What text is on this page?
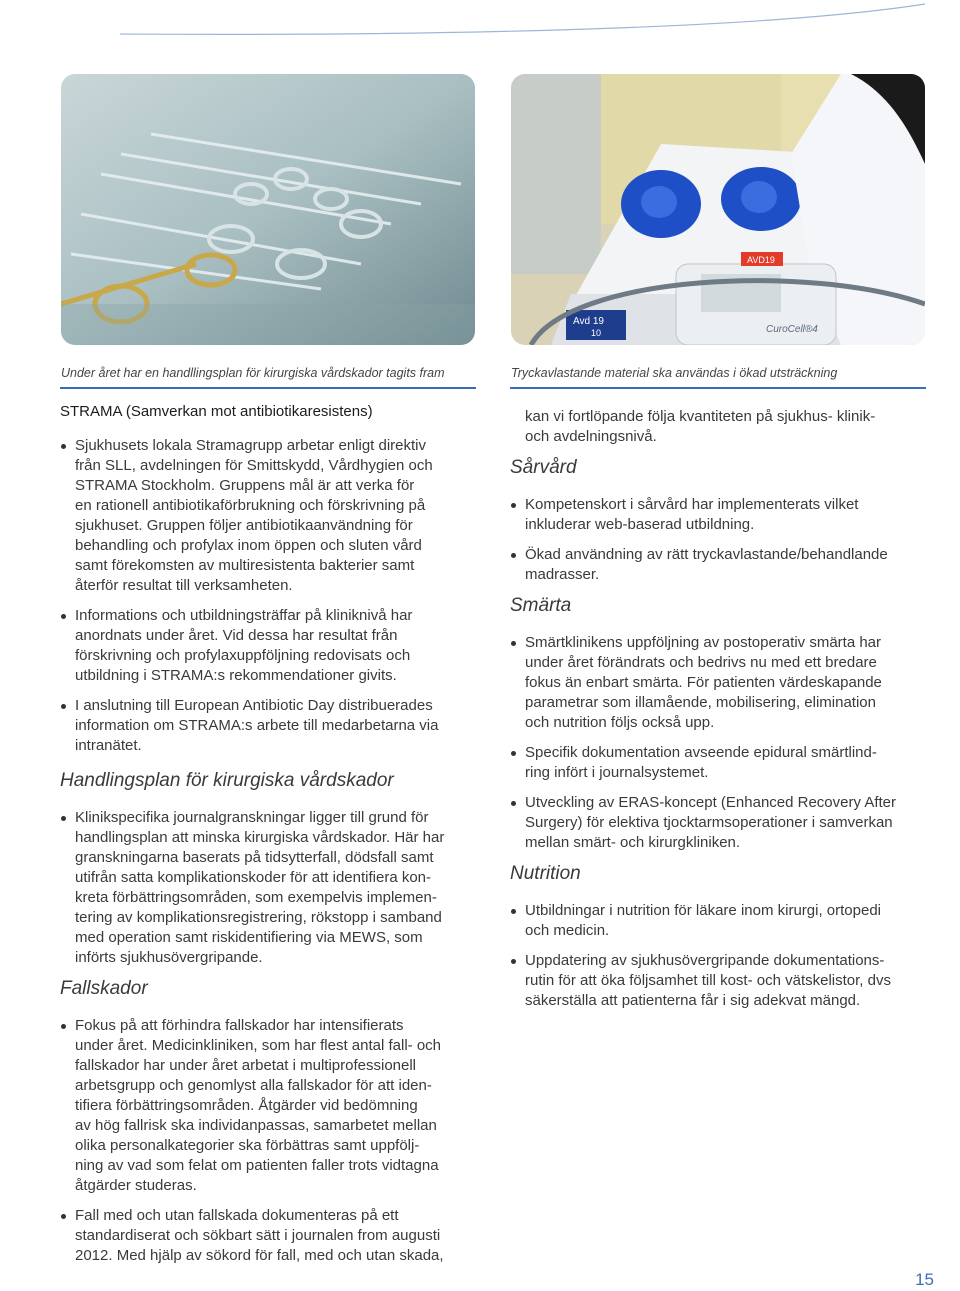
AVD19
CuroCell®4
Avd 19
10
Under året har en handllingsplan för kirurgiska vårdskador tagits fram	Tryckavlastande material ska användas i ökad utsträckning
STRAMA (Samverkan mot antibiotikaresistens)
Sjukhusets lokala Stramagrupp arbetar enligt direktiv
från SLL, avdelningen för Smittskydd, Vårdhygien och
STRAMA Stockholm. Gruppens mål är att verka för
en rationell antibiotikaförbrukning och förskrivning på
sjukhuset. Gruppen följer antibiotikaanvändning för
behandling och profylax inom öppen och sluten vård
samt förekomsten av multiresistenta bakterier samt
återför resultat till verksamheten.
Informations och utbildningsträffar på kliniknivå har
anordnats under året. Vid dessa har resultat från
förskrivning och profylaxuppföljning redovisats och
utbildning i STRAMA:s rekommendationer givits.
I anslutning till European Antibiotic Day distribuerades
information om STRAMA:s arbete till medarbetarna via
intranätet.
Handlingsplan för kirurgiska vårdskador
Klinikspecifika journalgranskningar ligger till grund för
handlingsplan att minska kirurgiska vårdskador. Här har
granskningarna baserats på tidsytterfall, dödsfall samt
utifrån satta komplikationskoder för att identifiera kon-
kreta förbättringsområden, som exempelvis implemen-
tering av komplikationsregistrering, rökstopp i samband
med operation samt riskidentifiering via MEWS, som
införts sjukhusövergripande.
Fallskador
Fokus på att förhindra fallskador har intensifierats
under året. Medicinkliniken, som har flest antal fall- och
fallskador har under året arbetat i multiprofessionell
arbetsgrupp och genomlyst alla fallskador för att iden-
tifiera förbättringsområden. Åtgärder vid bedömning
av hög fallrisk ska individanpassas, samarbetet mellan
olika personalkategorier ska förbättras samt uppfölj-
ning av vad som felat om patienten faller trots vidtagna
åtgärder studeras.
Fall med och utan fallskada dokumenteras på ett
standardiserat och sökbart sätt i journalen from augusti
2012. Med hjälp av sökord för fall, med och utan skada,
kan vi fortlöpande följa kvantiteten på sjukhus- klinik-
och avdelningsnivå.
Sårvård
Kompetenskort i sårvård har implementerats vilket
inkluderar web-baserad utbildning.
Ökad användning av rätt tryckavlastande/behandlande
madrasser.
Smärta
Smärtklinikens uppföljning av postoperativ smärta har
under året förändrats och bedrivs nu med ett bredare
fokus än enbart smärta. För patienten värdeskapande
parametrar som illamående, mobilisering, elimination
och nutrition följs också upp.
Specifik dokumentation avseende epidural smärtlind-
ring infört i journalsystemet.
Utveckling av ERAS-koncept (Enhanced Recovery After
Surgery) för elektiva tjocktarmsoperationer i samverkan
mellan smärt- och kirurgkliniken.
Nutrition
Utbildningar i nutrition för läkare inom kirurgi, ortopedi
och medicin.
Uppdatering av sjukhusövergripande dokumentations-
rutin för att öka följsamhet till kost- och vätskelistor, dvs
säkerställa att patienterna får i sig adekvat mängd.
15
